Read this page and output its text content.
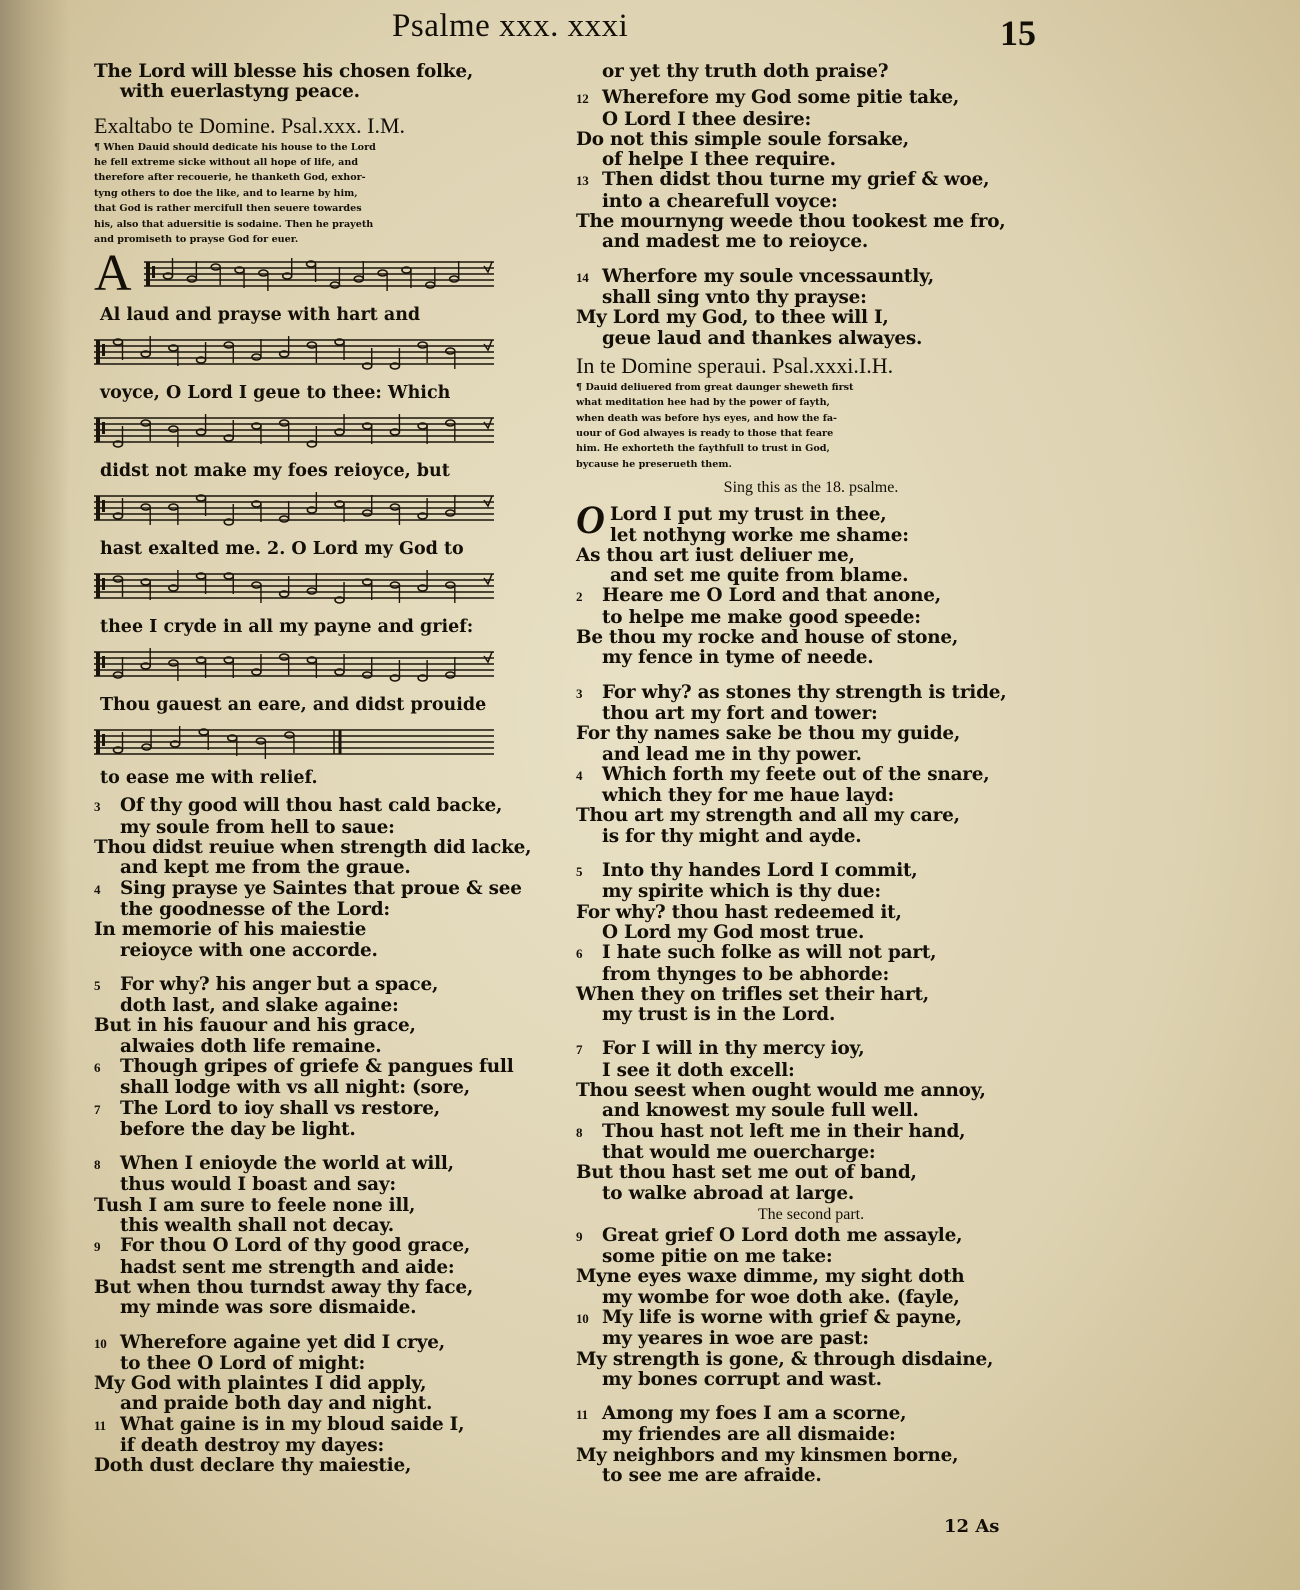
Psalme xxx. xxxi	15
The Lord will blesse his chosen folke,
with euerlastyng peace.
Exaltabo te Domine. Psal.xxx. I.M.
¶ When Dauid should dedicate his house to the Lord
he fell extreme sicke without all hope of life, and
therefore after recouerie, he thanketh God, exhor-
tyng others to doe the like, and to learne by him,
that God is rather mercifull then seuere towardes
his, also that aduersitie is sodaine. Then he prayeth
and promiseth to prayse God for euer.
A
Al laud and prayse with hart and
voyce, O Lord I geue to thee: Which
didst not make my foes reioyce, but
hast exalted me. 2. O Lord my God to
thee I cryde in all my payne and grief:
Thou gauest an eare, and didst prouide
to ease me with relief.
3 Of thy good will thou hast cald backe,
my soule from hell to saue:
Thou didst reuiue when strength did lacke,
and kept me from the graue.
4 Sing prayse ye Saintes that proue & see
the goodnesse of the Lord:
In memorie of his maiestie
reioyce with one accorde.
5 For why? his anger but a space,
doth last, and slake againe:
But in his fauour and his grace,
alwaies doth life remaine.
6 Though gripes of griefe & pangues full
shall lodge with vs all night: (sore,
7 The Lord to ioy shall vs restore,
before the day be light.
8 When I enioyde the world at will,
thus would I boast and say:
Tush I am sure to feele none ill,
this wealth shall not decay.
9 For thou O Lord of thy good grace,
hadst sent me strength and aide:
But when thou turndst away thy face,
my minde was sore dismaide.
10 Wherefore againe yet did I crye,
to thee O Lord of might:
My God with plaintes I did apply,
and praide both day and night.
11 What gaine is in my bloud saide I,
if death destroy my dayes:
Doth dust declare thy maiestie,
or yet thy truth doth praise?
12 Wherefore my God some pitie take,
O Lord I thee desire:
Do not this simple soule forsake,
of helpe I thee require.
13 Then didst thou turne my grief & woe,
into a chearefull voyce:
The mournyng weede thou tookest me fro,
and madest me to reioyce.
14 Wherfore my soule vncessauntly,
shall sing vnto thy prayse:
My Lord my God, to thee will I,
geue laud and thankes alwayes.
In te Domine speraui. Psal.xxxi.I.H.
¶ Dauid deliuered from great daunger sheweth first
what meditation hee had by the power of fayth,
when death was before hys eyes, and how the fa-
uour of God alwayes is ready to those that feare
him. He exhorteth the faythfull to trust in God,
bycause he preserueth them.
Sing this as the 18. psalme.
O Lord I put my trust in thee,
let nothyng worke me shame:
As thou art iust deliuer me,
and set me quite from blame.
2 Heare me O Lord and that anone,
to helpe me make good speede:
Be thou my rocke and house of stone,
my fence in tyme of neede.
3 For why? as stones thy strength is tride,
thou art my fort and tower:
For thy names sake be thou my guide,
and lead me in thy power.
4 Which forth my feete out of the snare,
which they for me haue layd:
Thou art my strength and all my care,
is for thy might and ayde.
5 Into thy handes Lord I commit,
my spirite which is thy due:
For why? thou hast redeemed it,
O Lord my God most true.
6 I hate such folke as will not part,
from thynges to be abhorde:
When they on trifles set their hart,
my trust is in the Lord.
7 For I will in thy mercy ioy,
I see it doth excell:
Thou seest when ought would me annoy,
and knowest my soule full well.
8 Thou hast not left me in their hand,
that would me ouercharge:
But thou hast set me out of band,
to walke abroad at large.
The second part.
9 Great grief O Lord doth me assayle,
some pitie on me take:
Myne eyes waxe dimme, my sight doth
my wombe for woe doth ake. (fayle,
10 My life is worne with grief & payne,
my yeares in woe are past:
My strength is gone, & through disdaine,
my bones corrupt and wast.
11 Among my foes I am a scorne,
my friendes are all dismaide:
My neighbors and my kinsmen borne,
to see me are afraide.
12 As
